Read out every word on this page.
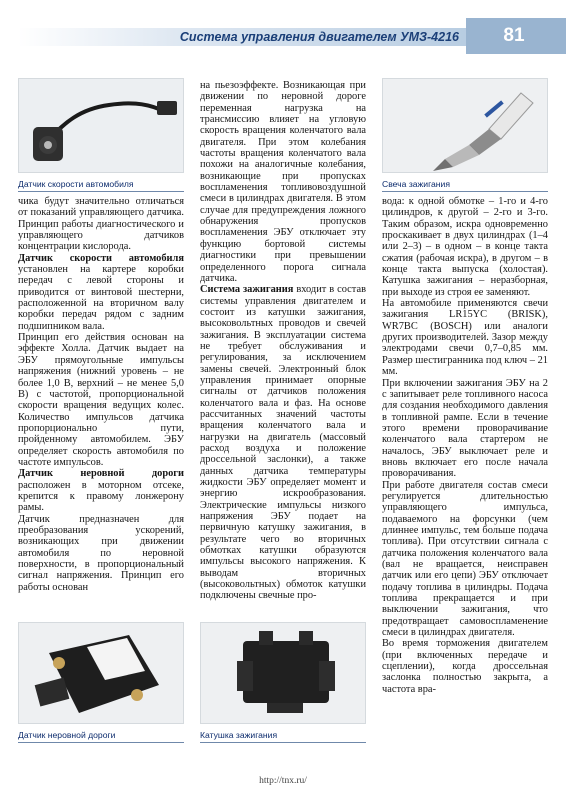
Система управления двигателем УМЗ-4216	81
Датчик скорости автомобиля

чика будут значительно отличаться от показаний управляющего датчика. Принцип работы диагностического и управляющего датчиков концентрации кислорода.

Датчик скорости автомобиля установлен на картере коробки передач с левой стороны и приводится от винтовой шестерни, расположенной на вторичном валу коробки передач рядом с задним подшипником вала.

Принцип его действия основан на эффекте Холла. Датчик выдает на ЭБУ прямоугольные импульсы напряжения (нижний уровень – не более 1,0 В, верхний – не менее 5,0 В) с частотой, пропорциональной скорости вращения ведущих колес. Количество импульсов датчика пропорционально пути, пройденному автомобилем. ЭБУ определяет скорость автомобиля по частоте импульсов.

Датчик неровной дороги расположен в моторном отсеке, крепится к правому лонжерону рамы.

Датчик предназначен для преобразования ускорений, возникающих при движении автомобиля по неровной поверхности, в пропорциональный сигнал напряжения. Принцип его работы основан

Датчик неровной дороги

на пьезоэффекте. Возникающая при движении по неровной дороге переменная нагрузка на трансмиссию влияет на угловую скорость вращения коленчатого вала двигателя. При этом колебания частоты вращения коленчатого вала похожи на аналогичные колебания, возникающие при пропусках воспламенения топливовоздушной смеси в цилиндрах двигателя. В этом случае для предупреждения ложного обнаружения пропусков воспламенения ЭБУ отключает эту функцию бортовой системы диагностики при превышении определенного порога сигнала датчика.

Система зажигания входит в состав системы управления двигателем и состоит из катушки зажигания, высоковольтных проводов и свечей зажигания. В эксплуатации система не требует обслуживания и регулирования, за исключением замены свечей. Электронный блок управления принимает опорные сигналы от датчиков положения коленчатого вала и фаз. На основе рассчитанных значений частоты вращения коленчатого вала и нагрузки на двигатель (массовый расход воздуха и положение дроссельной заслонки), а также данных датчика температуры жидкости ЭБУ определяет момент и энергию искрообразования. Электрические импульсы низкого напряжения ЭБУ подает на первичную катушку зажигания, в результате чего во вторичных обмотках катушки образуются импульсы высокого напряжения. К выводам вторичных (высоковольтных) обмоток катушки подключены свечные про-

Катушка зажигания
Свеча зажигания

вода: к одной обмотке – 1-го и 4-го цилиндров, к другой – 2-го и 3-го. Таким образом, искра одновременно проскакивает в двух цилиндрах (1–4 или 2–3) – в одном – в конце такта сжатия (рабочая искра), в другом – в конце такта выпуска (холостая). Катушка зажигания – неразборная, при выходе из строя ее заменяют.

На автомобиле применяются свечи зажигания LR15YC (BRISK), WR7BC (BOSCH) или аналоги других производителей. Зазор между электродами свечи 0,7–0,85 мм. Размер шестигранника под ключ – 21 мм.

При включении зажигания ЭБУ на 2 с запитывает реле топливного насоса для создания необходимого давления в топливной рампе. Если в течение этого времени проворачивание коленчатого вала стартером не началось, ЭБУ выключает реле и вновь включает его после начала проворачивания.

При работе двигателя состав смеси регулируется длительностью управляющего импульса, подаваемого на форсунки (чем длиннее импульс, тем больше подача топлива). При отсутствии сигнала с датчика положения коленчатого вала (вал не вращается, неисправен датчик или его цепи) ЭБУ отключает подачу топлива в цилиндры. Подача топлива прекращается и при выключении зажигания, что предотвращает самовоспламенение смеси в цилиндрах двигателя.

Во время торможения двигателем (при включенных передаче и сцеплении), когда дроссельная заслонка полностью закрыта, а частота вра-

http://tnx.ru/
